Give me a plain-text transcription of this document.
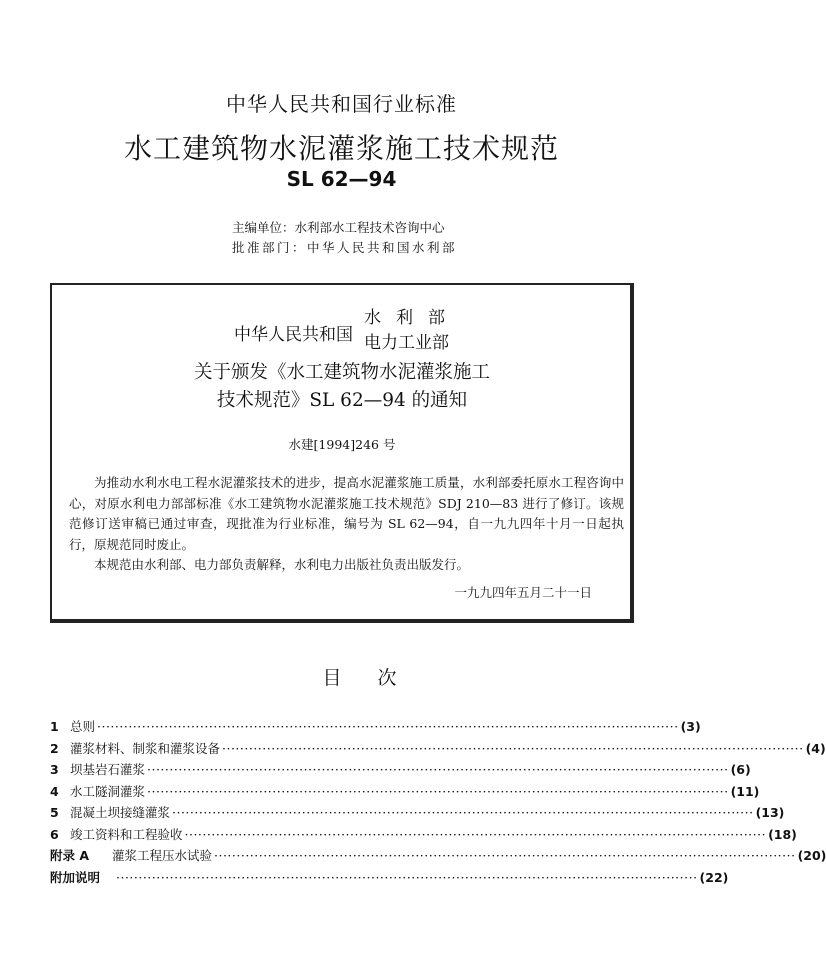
中华人民共和国行业标准
水工建筑物水泥灌浆施工技术规范
SL 62—94
主编单位：水利部水工程技术咨询中心
批准部门：中华人民共和国水利部
中华人民共和国
水利部
电力工业部
关于颁发《水工建筑物水泥灌浆施工
技术规范》SL 62—94 的通知
水建[1994]246 号

为推动水利水电工程水泥灌浆技术的进步，提高水泥灌浆施工质量，水利部委托原水工程咨询中心，对原水利电力部部标准《水工建筑物水泥灌浆施工技术规范》SDJ 210—83 进行了修订。该规范修订送审稿已通过审查，现批准为行业标准，编号为 SL 62—94，自一九九四年十月一日起执行，原规范同时废止。

本规范由水利部、电力部负责解释，水利电力出版社负责出版发行。

一九九四年五月二十一日
目次
1 总则 ·································································································································· (3)
2 灌浆材料、制浆和灌浆设备 ·································································································································· (4)
3 坝基岩石灌浆 ·································································································································· (6)
4 水工隧洞灌浆 ·································································································································· (11)
5 混凝土坝接缝灌浆 ·································································································································· (13)
6 竣工资料和工程验收 ·································································································································· (18)
附录 A	灌浆工程压水试验 ·································································································································· (20)
附加说明	·································································································································· (22)
